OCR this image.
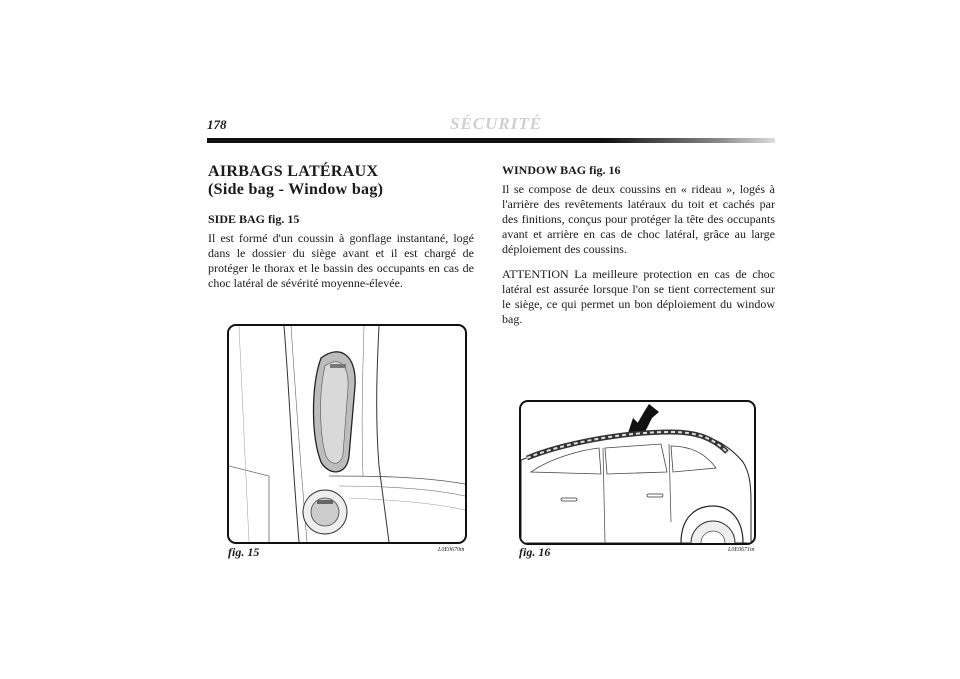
178	SÉCURITÉ
AIRBAGS LATÉRAUX
(Side bag - Window bag)
SIDE BAG fig. 15

Il est formé d'un coussin à gonflage instantané, logé dans le dossier du siège avant et il est chargé de protéger le thorax et le bassin des occupants en cas de choc latéral de sévérité moyenne-élevée.

WINDOW BAG fig. 16

Il se compose de deux coussins en « rideau », logés à l'arrière des revêtements latéraux du toit et cachés par des finitions, conçus pour protéger la tête des occupants avant et arrière en cas de choc latéral, grâce au large déploiement des coussins.

ATTENTION La meilleure protection en cas de choc latéral est assurée lorsque l'on se tient correctement sur le siège, ce qui permet un bon déploiement du window bag.

fig. 15	L0E0670m	fig. 16	L0E0671m
